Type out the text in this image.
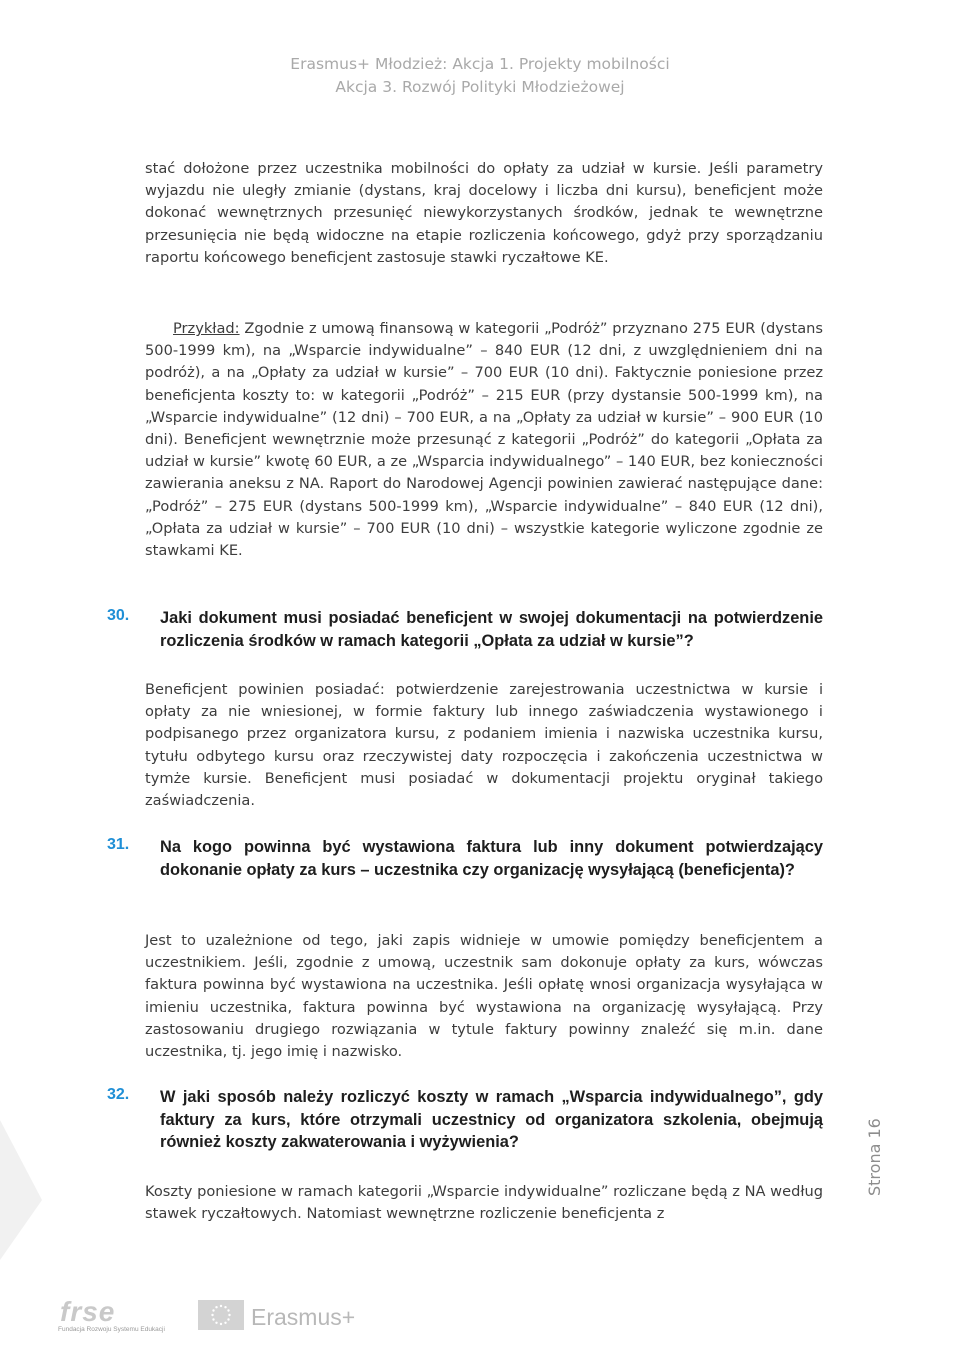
Erasmus+ Młodzież: Akcja 1. Projekty mobilności
Akcja 3. Rozwój Polityki Młodzieżowej
stać dołożone przez uczestnika mobilności do opłaty za udział w kursie. Jeśli parametry wyjazdu nie uległy zmianie (dystans, kraj docelowy i liczba dni kursu), beneficjent może dokonać wewnętrznych przesunięć niewykorzystanych środków, jednak te wewnętrzne przesunięcia nie będą widoczne na etapie rozliczenia końcowego, gdyż przy sporządzaniu raportu końcowego beneficjent zastosuje stawki ryczałtowe KE.
Przykład: Zgodnie z umową finansową w kategorii „Podróż” przyznano 275 EUR (dystans 500-1999 km), na „Wsparcie indywidualne” – 840 EUR (12 dni, z uwzględnieniem dni na podróż), a na „Opłaty za udział w kursie” – 700 EUR (10 dni). Faktycznie poniesione przez beneficjenta koszty to: w kategorii „Podróż” – 215 EUR (przy dystansie 500-1999 km), na „Wsparcie indywidualne” (12 dni) – 700 EUR, a na „Opłaty za udział w kursie” – 900 EUR (10 dni). Beneficjent wewnętrznie może przesunąć z kategorii „Podróż” do kategorii „Opłata za udział w kursie” kwotę 60 EUR, a ze „Wsparcia indywidualnego” – 140 EUR, bez konieczności zawierania aneksu z NA. Raport do Narodowej Agencji powinien zawierać następujące dane: „Podróż” – 275 EUR (dystans 500-1999 km), „Wsparcie indywidualne” – 840 EUR (12 dni), „Opłata za udział w kursie” – 700 EUR (10 dni) – wszystkie kategorie wyliczone zgodnie ze stawkami KE.
30. Jaki dokument musi posiadać beneficjent w swojej dokumentacji na potwierdzenie rozliczenia środków w ramach kategorii „Opłata za udział w kursie”?
Beneficjent powinien posiadać: potwierdzenie zarejestrowania uczestnictwa w kursie i opłaty za nie wniesionej, w formie faktury lub innego zaświadczenia wystawionego i podpisanego przez organizatora kursu, z podaniem imienia i nazwiska uczestnika kursu, tytułu odbytego kursu oraz rzeczywistej daty rozpoczęcia i zakończenia uczestnictwa w tymże kursie. Beneficjent musi posiadać w dokumentacji projektu oryginał takiego zaświadczenia.
31. Na kogo powinna być wystawiona faktura lub inny dokument potwierdzający dokonanie opłaty za kurs – uczestnika czy organizację wysyłającą (beneficjenta)?
Jest to uzależnione od tego, jaki zapis widnieje w umowie pomiędzy beneficjentem a uczestnikiem. Jeśli, zgodnie z umową, uczestnik sam dokonuje opłaty za kurs, wówczas faktura powinna być wystawiona na uczestnika. Jeśli opłatę wnosi organizacja wysyłająca w imieniu uczestnika, faktura powinna być wystawiona na organizację wysyłającą. Przy zastosowaniu drugiego rozwiązania w tytule faktury powinny znaleźć się m.in. dane uczestnika, tj. jego imię i nazwisko.
32. W jaki sposób należy rozliczyć koszty w ramach „Wsparcia indywidualnego”, gdy faktury za kurs, które otrzymali uczestnicy od organizatora szkolenia, obejmują również koszty zakwaterowania i wyżywienia?
Koszty poniesione w ramach kategorii „Wsparcie indywidualne” rozliczane będą z NA według stawek ryczałtowych. Natomiast wewnętrzne rozliczenie beneficjenta z
Strona 16
frse
Fundacja Rozwoju Systemu Edukacji	Erasmus+
